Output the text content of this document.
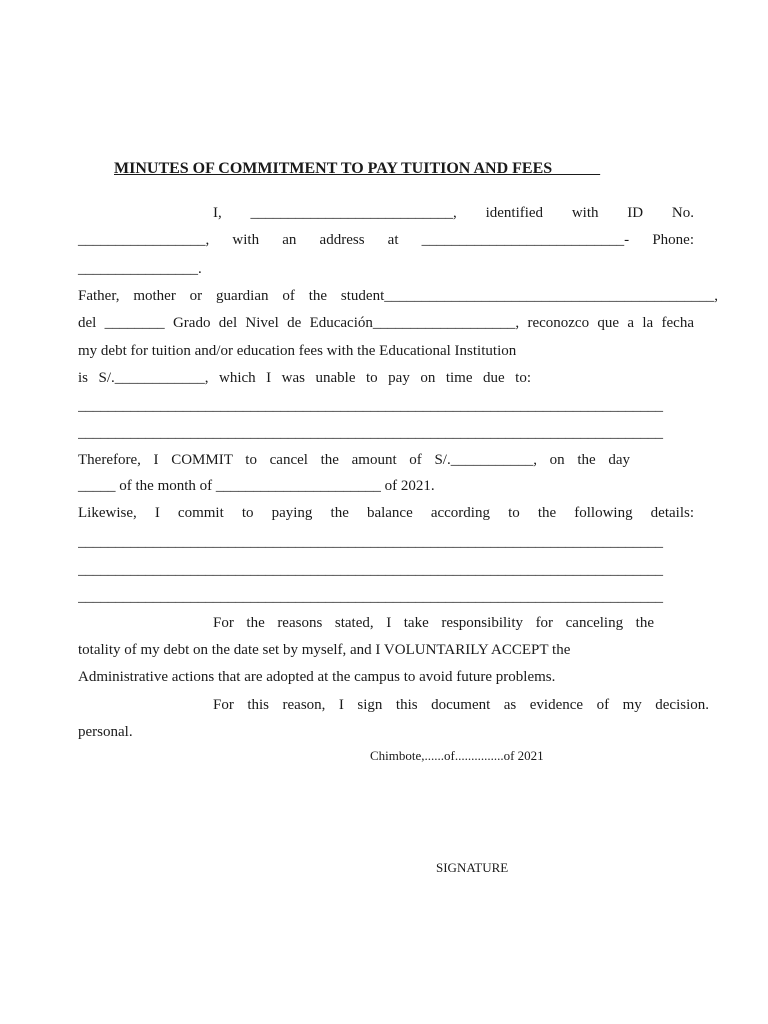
MINUTES OF COMMITMENT TO PAY TUITION AND FEES
I, ___________________________, identified with ID No.
_________________, with an address at ___________________________- Phone:
________________.
Father, mother or guardian of the student____________________________________________,
del ________ Grado del Nivel de Educación___________________, reconozco que a la fecha
my debt for tuition and/or education fees with the Educational Institution
is S/.____________, which I was unable to pay on time due to:
______________________________________________________________________________
______________________________________________________________________________
Therefore, I COMMIT to cancel the amount of S/.___________, on the day
_____ of the month of ______________________ of 2021.
Likewise, I commit to paying the balance according to the following details:
______________________________________________________________________________
______________________________________________________________________________
______________________________________________________________________________
For the reasons stated, I take responsibility for canceling the
totality of my debt on the date set by myself, and I VOLUNTARILY ACCEPT the
Administrative actions that are adopted at the campus to avoid future problems.
For this reason, I sign this document as evidence of my decision.
personal.
Chimbote,......of...............of 2021
SIGNATURE
